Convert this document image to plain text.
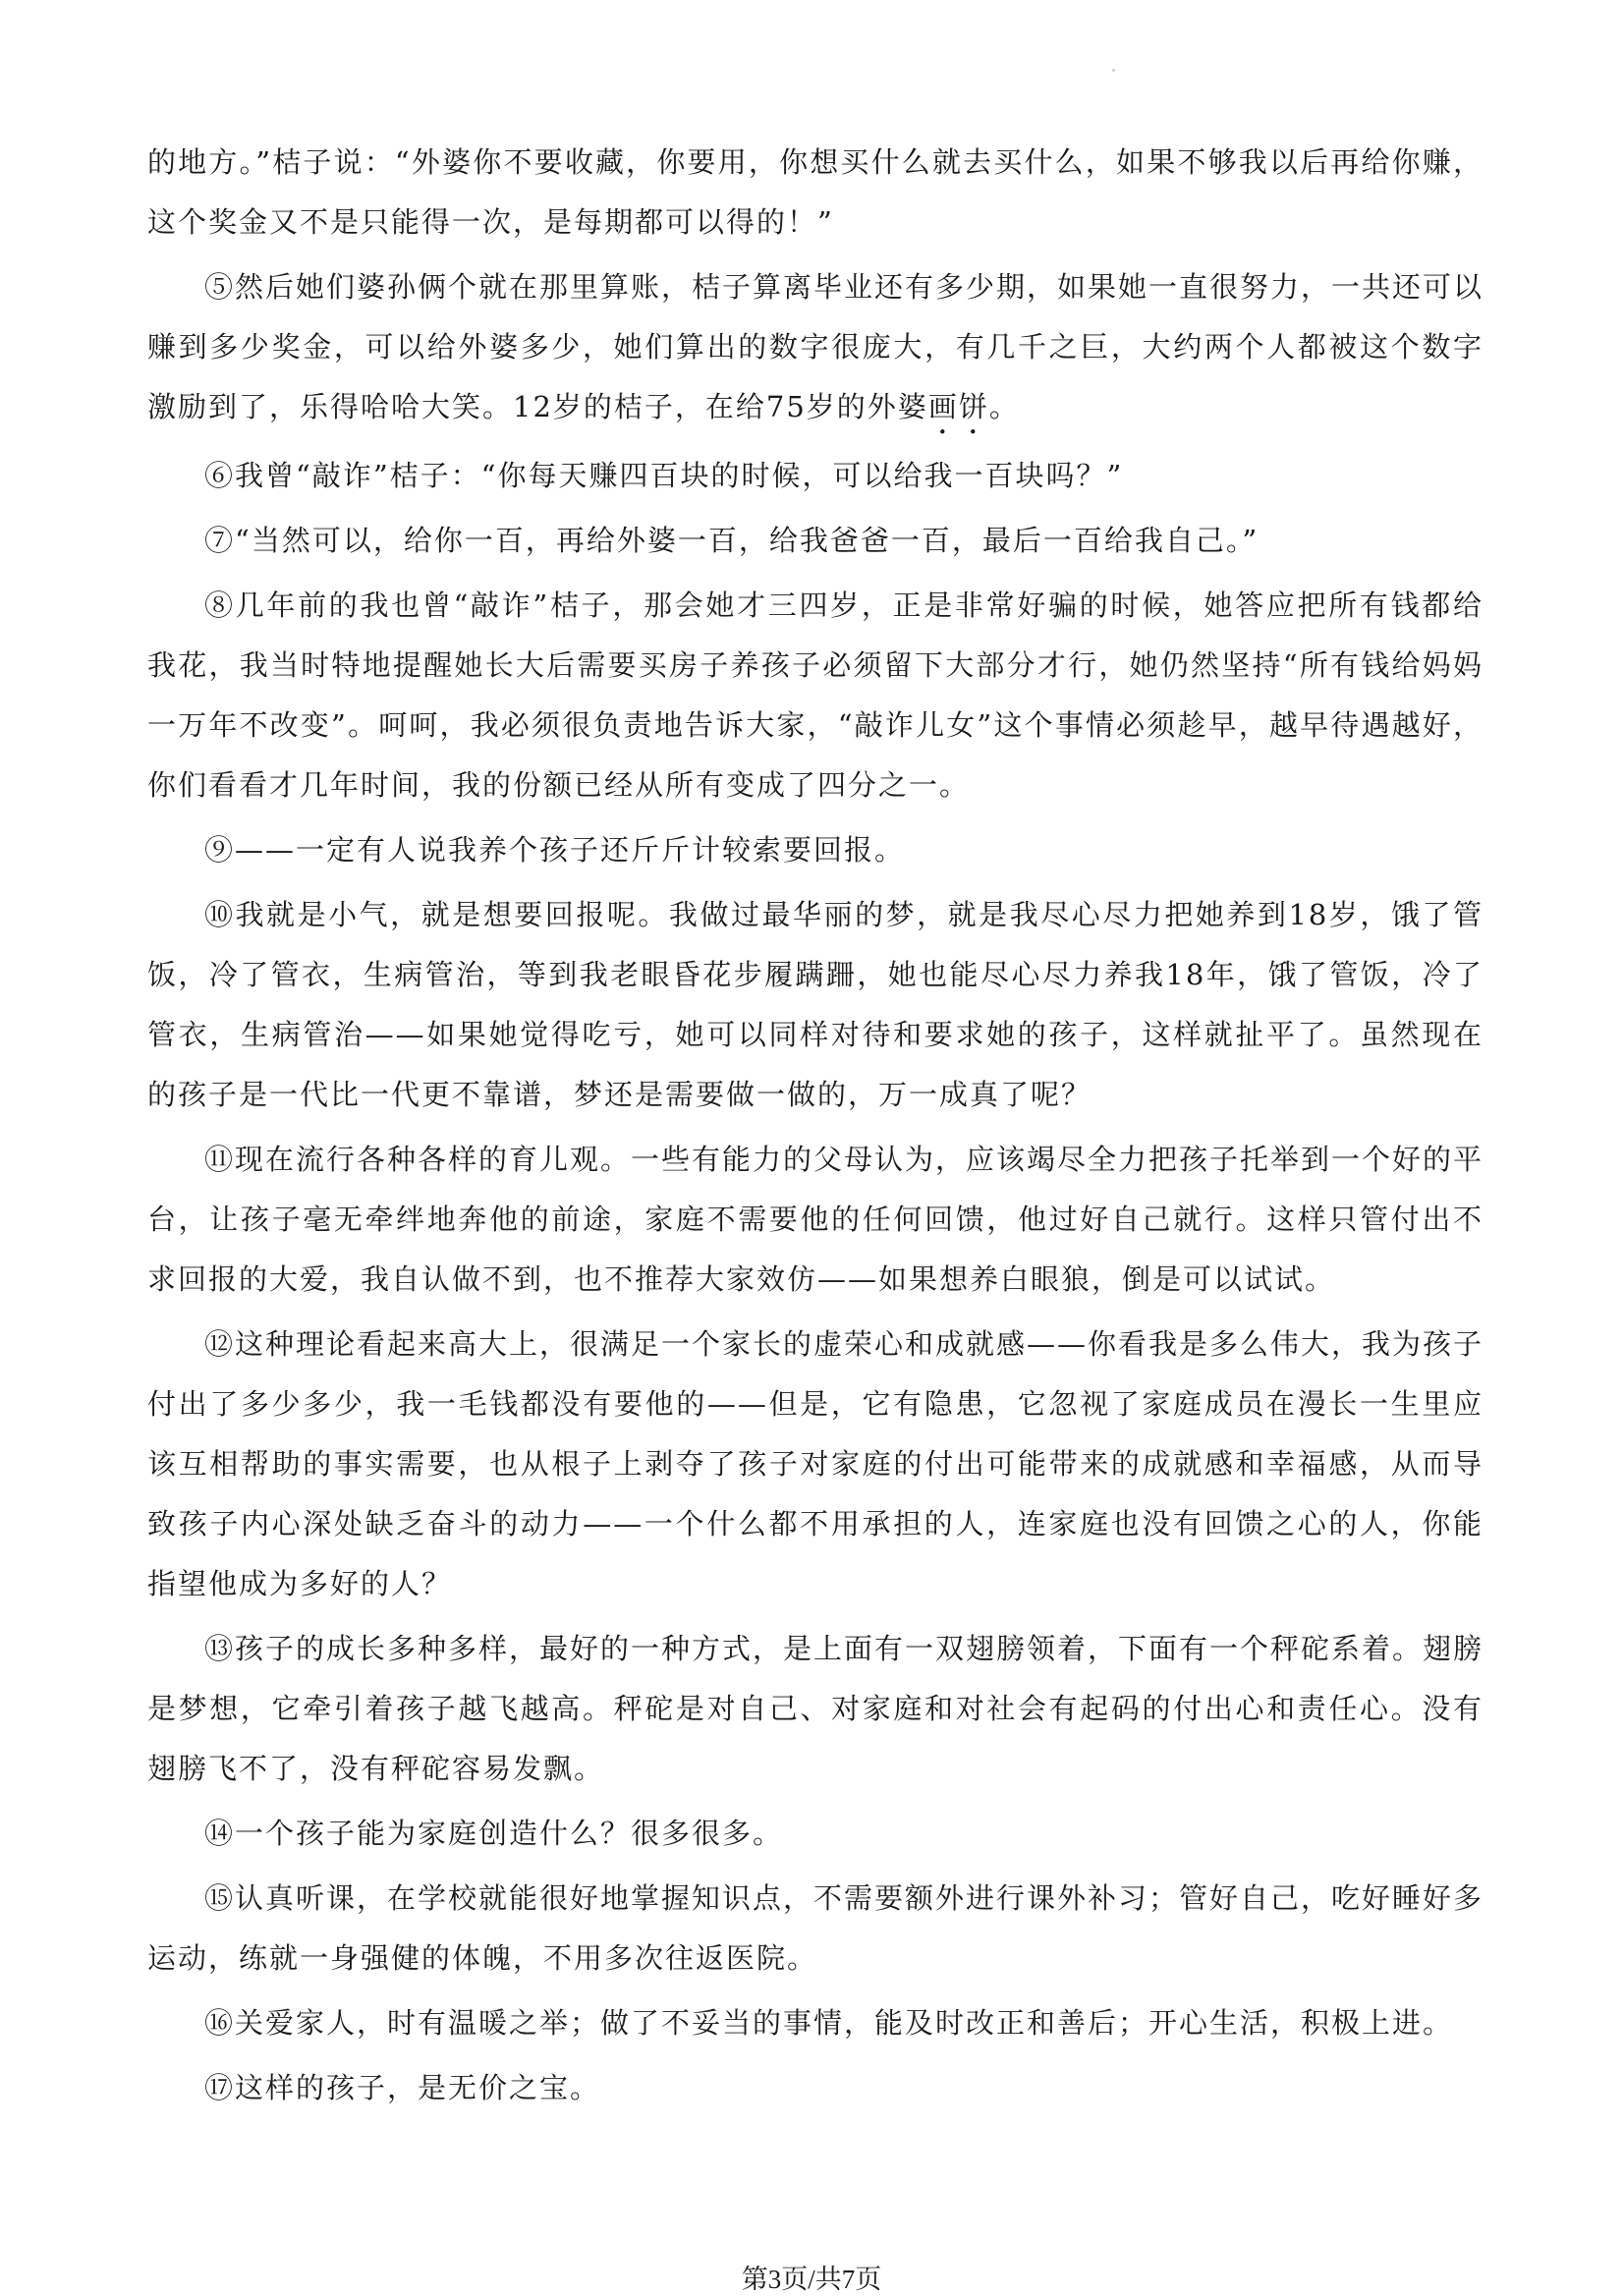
的地方。”桔子说：“外婆你不要收藏，你要用，你想买什么就去买什么，如果不够我以后再给你赚，这个奖金又不是只能得一次，是每期都可以得的！”

⑤然后她们婆孙俩个就在那里算账，桔子算离毕业还有多少期，如果她一直很努力，一共还可以赚到多少奖金，可以给外婆多少，她们算出的数字很庞大，有几千之巨，大约两个人都被这个数字激励到了，乐得哈哈大笑。12岁的桔子，在给75岁的外婆画饼。

⑥我曾“敲诈”桔子：“你每天赚四百块的时候，可以给我一百块吗？”

⑦“当然可以，给你一百，再给外婆一百，给我爸爸一百，最后一百给我自己。”

⑧几年前的我也曾“敲诈”桔子，那会她才三四岁，正是非常好骗的时候，她答应把所有钱都给我花，我当时特地提醒她长大后需要买房子养孩子必须留下大部分才行，她仍然坚持“所有钱给妈妈一万年不改变”。呵呵，我必须很负责地告诉大家，“敲诈儿女”这个事情必须趁早，越早待遇越好，你们看看才几年时间，我的份额已经从所有变成了四分之一。

⑨——一定有人说我养个孩子还斤斤计较索要回报。

⑩我就是小气，就是想要回报呢。我做过最华丽的梦，就是我尽心尽力把她养到18岁，饿了管饭，冷了管衣，生病管治，等到我老眼昏花步履蹒跚，她也能尽心尽力养我18年，饿了管饭，冷了管衣，生病管治——如果她觉得吃亏，她可以同样对待和要求她的孩子，这样就扯平了。虽然现在的孩子是一代比一代更不靠谱，梦还是需要做一做的，万一成真了呢？

⑪现在流行各种各样的育儿观。一些有能力的父母认为，应该竭尽全力把孩子托举到一个好的平台，让孩子毫无牵绊地奔他的前途，家庭不需要他的任何回馈，他过好自己就行。这样只管付出不求回报的大爱，我自认做不到，也不推荐大家效仿——如果想养白眼狼，倒是可以试试。

⑫这种理论看起来高大上，很满足一个家长的虚荣心和成就感——你看我是多么伟大，我为孩子付出了多少多少，我一毛钱都没有要他的——但是，它有隐患，它忽视了家庭成员在漫长一生里应该互相帮助的事实需要，也从根子上剥夺了孩子对家庭的付出可能带来的成就感和幸福感，从而导致孩子内心深处缺乏奋斗的动力——一个什么都不用承担的人，连家庭也没有回馈之心的人，你能指望他成为多好的人？

⑬孩子的成长多种多样，最好的一种方式，是上面有一双翅膀领着，下面有一个秤砣系着。翅膀是梦想，它牵引着孩子越飞越高。秤砣是对自己、对家庭和对社会有起码的付出心和责任心。没有翅膀飞不了，没有秤砣容易发飘。

⑭一个孩子能为家庭创造什么？很多很多。

⑮认真听课，在学校就能很好地掌握知识点，不需要额外进行课外补习；管好自己，吃好睡好多运动，练就一身强健的体魄，不用多次往返医院。

⑯关爱家人，时有温暖之举；做了不妥当的事情，能及时改正和善后；开心生活，积极上进。

⑰这样的孩子，是无价之宝。

第3页/共7页
